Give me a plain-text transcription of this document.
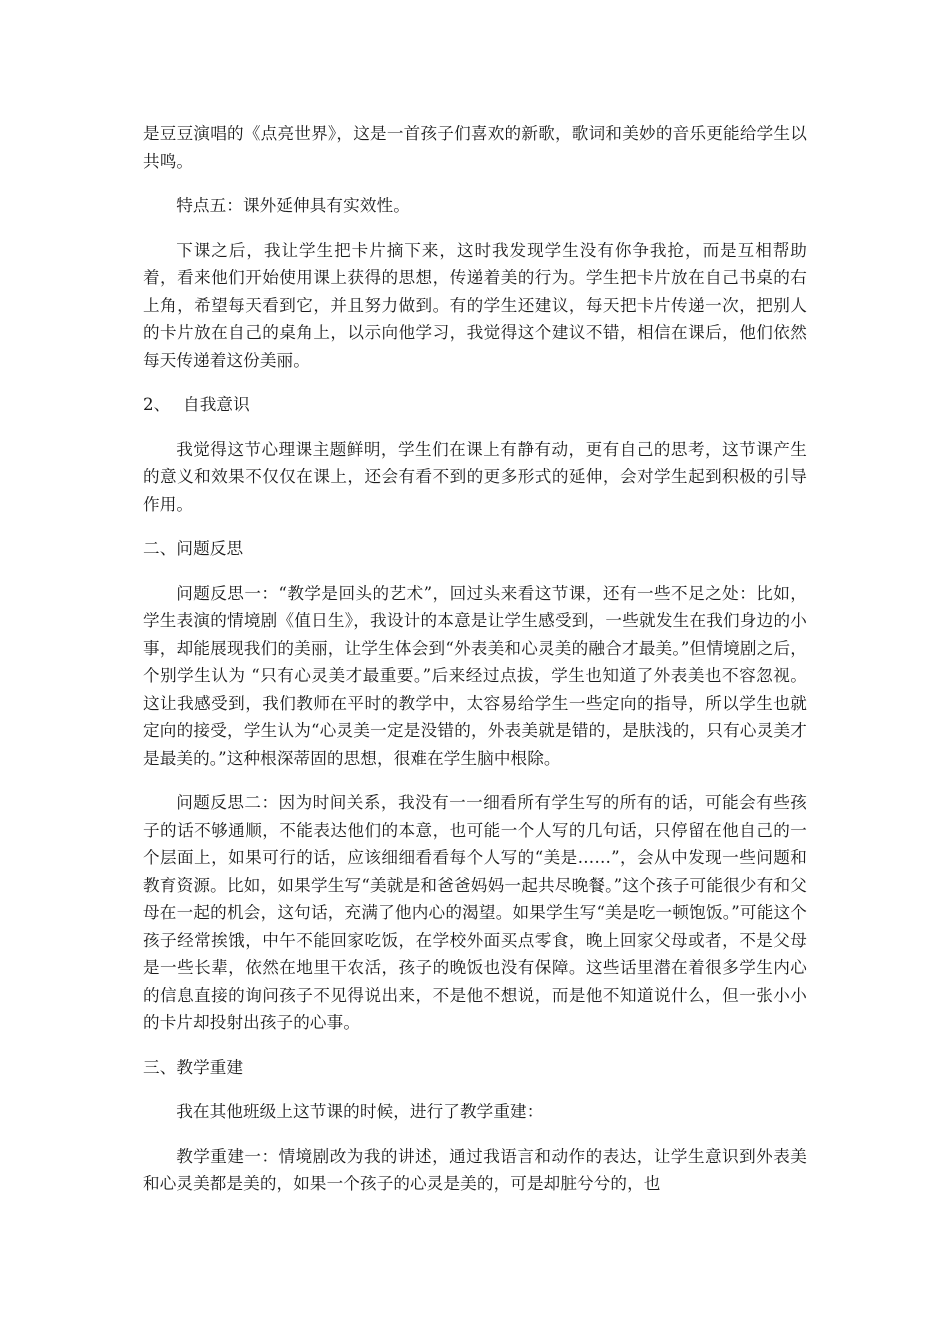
是豆豆演唱的《点亮世界》，这是一首孩子们喜欢的新歌，歌词和美妙的音乐更能给学生以共鸣。

特点五：课外延伸具有实效性。

下课之后，我让学生把卡片摘下来，这时我发现学生没有你争我抢，而是互相帮助着，看来他们开始使用课上获得的思想，传递着美的行为。学生把卡片放在自己书桌的右上角，希望每天看到它，并且努力做到。有的学生还建议，每天把卡片传递一次，把别人的卡片放在自己的桌角上，以示向他学习，我觉得这个建议不错，相信在课后，他们依然每天传递着这份美丽。

2、 自我意识

我觉得这节心理课主题鲜明，学生们在课上有静有动，更有自己的思考，这节课产生的意义和效果不仅仅在课上，还会有看不到的更多形式的延伸，会对学生起到积极的引导作用。

二、问题反思

问题反思一：“教学是回头的艺术”，回过头来看这节课，还有一些不足之处：比如，学生表演的情境剧《值日生》，我设计的本意是让学生感受到，一些就发生在我们身边的小事，却能展现我们的美丽，让学生体会到“外表美和心灵美的融合才最美。”但情境剧之后，个别学生认为 “只有心灵美才最重要。”后来经过点拔，学生也知道了外表美也不容忽视。这让我感受到，我们教师在平时的教学中，太容易给学生一些定向的指导，所以学生也就定向的接受，学生认为“心灵美一定是没错的，外表美就是错的，是肤浅的，只有心灵美才是最美的。”这种根深蒂固的思想，很难在学生脑中根除。

问题反思二：因为时间关系，我没有一一细看所有学生写的所有的话，可能会有些孩子的话不够通顺，不能表达他们的本意，也可能一个人写的几句话，只停留在他自己的一个层面上，如果可行的话，应该细细看看每个人写的“美是……”，会从中发现一些问题和教育资源。比如，如果学生写“美就是和爸爸妈妈一起共尽晚餐。”这个孩子可能很少有和父母在一起的机会，这句话，充满了他内心的渴望。如果学生写“美是吃一顿饱饭。”可能这个孩子经常挨饿，中午不能回家吃饭，在学校外面买点零食，晚上回家父母或者，不是父母是一些长辈，依然在地里干农活，孩子的晚饭也没有保障。这些话里潜在着很多学生内心的信息直接的询问孩子不见得说出来，不是他不想说，而是他不知道说什么，但一张小小的卡片却投射出孩子的心事。

三、教学重建

我在其他班级上这节课的时候，进行了教学重建：

教学重建一：情境剧改为我的讲述，通过我语言和动作的表达，让学生意识到外表美和心灵美都是美的，如果一个孩子的心灵是美的，可是却脏兮兮的，也
